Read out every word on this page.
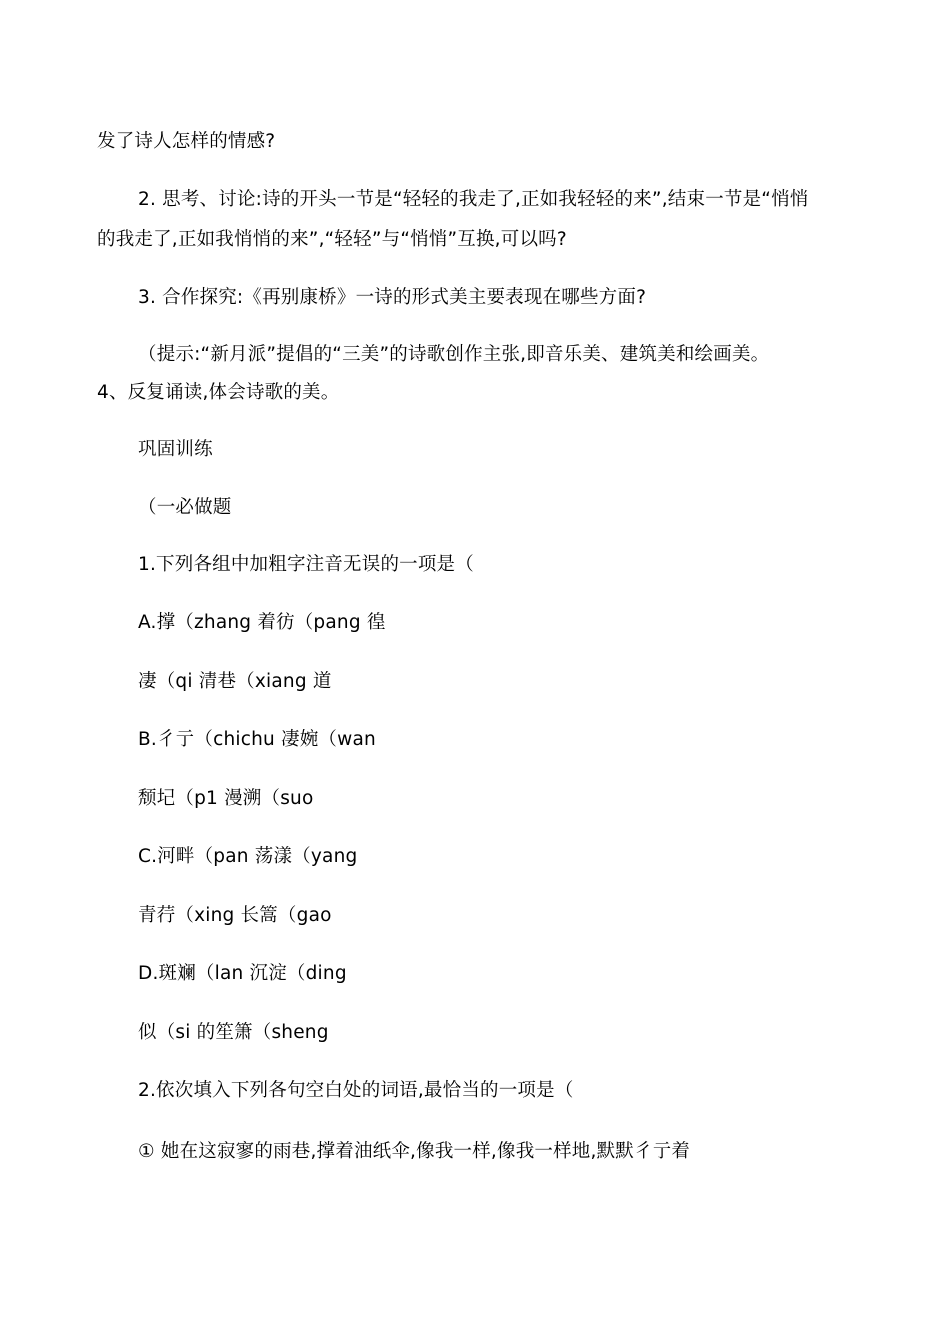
发了诗人怎样的情感?
2. 思考、讨论:诗的开头一节是“轻轻的我走了,正如我轻轻的来”,结束一节是“悄悄
的我走了,正如我悄悄的来”,“轻轻”与“悄悄”互换,可以吗?
3. 合作探究:《再别康桥》一诗的形式美主要表现在哪些方面?
（提示:“新月派”提倡的“三美”的诗歌创作主张,即音乐美、建筑美和绘画美。
4、反复诵读,体会诗歌的美。
巩固训练
（一必做题
1.下列各组中加粗字注音无误的一项是（
A.撑（zhang 着彷（pang 徨
凄（qi 清巷（xiang 道
B.彳亍（chichu 凄婉（wan
颓圮（p1 漫溯（suo
C.河畔（pan 荡漾（yang
青荇（xing 长篙（gao
D.斑斓（lan 沉淀（ding
似（si 的笙箫（sheng
2.依次填入下列各句空白处的词语,最恰当的一项是（
① 她在这寂寥的雨巷,撑着油纸伞,像我一样,像我一样地,默默彳亍着
